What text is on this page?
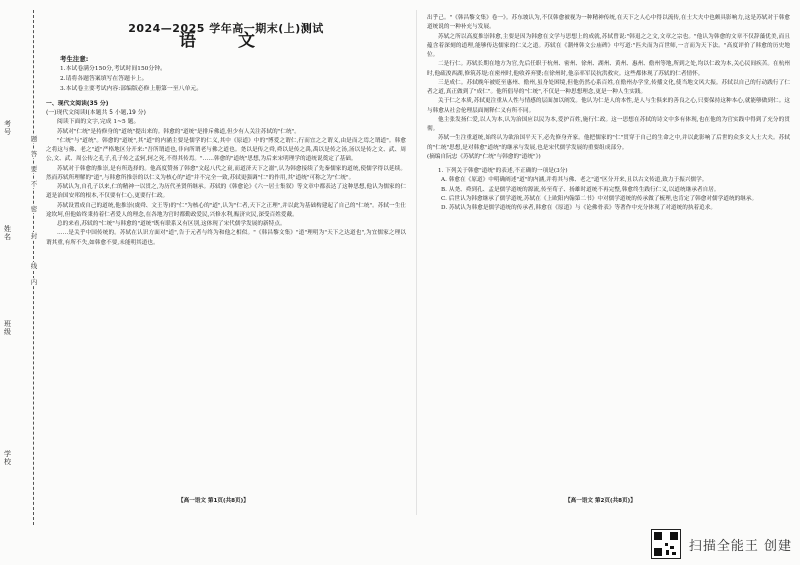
考号
姓名
班级
学校
密
封
线
内
不
要
答
题
2024—2025 学年高一期末(上)测试
语 文
考生注意:
1.本试卷满分150分,考试时间150分钟。
2.请将各题答案填写在答题卡上。
3.本试卷主要考试内容:部编版必修上册第一至八单元。
一、现代文阅读(35 分)
(一)现代文阅读Ⅰ(本题共 5 小题,19 分)
阅读下面的文字,完成 1~5 题。

苏轼对"仁统"是持修身的"道统"提出来的。韩愈的"道统"是排斥佛道,但少有人关注苏轼的"仁统"。

"仁统"与"道统"。韩愈的"道统",其"道"的内涵主要是儒学的仁义,其中《原道》中的"博爱之谓仁,行而宜之之谓义,由是而之焉之谓道"。韩愈之将这与佛、老之"道"严格地区分开来:"吾所谓道也,非向所谓老与佛之道也。尧以是传之舜,舜以是传之禹,禹以是传之汤,汤以是传之文、武、周公,文、武、周公传之孔子,孔子传之孟轲,轲之死,不得其传焉。"……韩愈的"道统"思想,为后来宋明理学的道统说奠定了基础。

苏轼对于韩愈的推崇,是有所选择的。他高度赞扬了韩愈"文起八代之衰,而道济天下之溺",认为韩愈接续了先秦儒家的道统,使儒学得以延续。然而苏轼所理解的"道",与韩愈所推崇的以仁义为核心的"道"并不完全一致,苏轼更强调"仁"的作用,其"道统"可称之为"仁统"。

苏轼认为,自孔子以来,仁的精神一以贯之,为历代圣贤所继承。苏轼的《韩愈论》《六一居士集叙》等文章中都表达了这种思想,他认为儒家的仁道是治国安邦的根本,不仅要有仁心,更要行仁政。

苏轼设置成自己的道统,他推崇(虞舜、文王等)的"仁"为核心的"道",认为"仁者,天下之正理",并以此为基础构建起了自己的"仁统"。苏轼一生仕途坎坷,但他始终秉持着仁者爱人的理念,在各地为官时都勤政爱民,兴修水利,赈济灾民,深受百姓爱戴。

总的来看,苏轼的"仁统"与韩愈的"道统"既有联系又有区别,这体现了宋代儒学发展的新特点。

……是关乎中国传统的。苏轼在认识方面对"道",告于元者与终为和他之相似。"《韩昌黎文集》"道"理明为"天下之达道也",为宜儒家之理以谓其重,有所不失,如韩愈不要,未能明其道也。

【高一语文 第1页(共8页)】

出乎己。"《韩昌黎文集》卷一》。苏东坡认为,不仅韩愈被视为一种精神传统,在天下之人心中得以流传,在士大夫中也颇具影响力,这是苏轼对于韩愈道统说的一种补充与发展。

苏轼之所以高度推崇韩愈,主要是因为韩愈在文学与思想上的成就,苏轼曾说:"韩退之之文,文章之宗也。"他认为韩愈的文章不仅辞藻优美,而且蕴含着深刻的道理,能够传达儒家的仁义之道。苏轼在《潮州韩文公庙碑》中写道:"匹夫而为百世师,一言而为天下法。"高度评价了韩愈的历史地位。

二是行仁。苏轼长期在地方为官,先后任职于杭州、密州、徐州、湖州、黄州、惠州、儋州等地,所到之处,均以仁政为本,关心民间疾苦。在杭州时,他疏浚西湖,修筑苏堤;在密州时,他收养弃婴;在徐州时,他亲率军民抗洪救灾。这些都体现了苏轼的仁者情怀。

三是成仁。苏轼晚年被贬至惠州、儋州,虽身处困境,但他仍然心系百姓,在儋州办学堂,传播文化,使当地文风大振。苏轼以自己的行动践行了仁者之道,真正做到了"成仁"。他所倡导的"仁统",不仅是一种思想理念,更是一种人生实践。

关于仁之本质,苏轼更注重从人性与情感的层面加以阐发。他认为仁是人的本性,是人与生俱来的善良之心,只要保持这种本心,就能够做到仁。这与韩愈从社会伦理层面阐释仁义有所不同。

他主张发扬仁爱,以人为本,认为治国应以民为本,爱护百姓,施行仁政。这一思想在苏轼的诗文中多有体现,也在他的为官实践中得到了充分的贯彻。

苏轼一生注重道统,始终认为欲治国平天下,必先修身齐家。他把儒家的"仁"贯穿于自己的生命之中,并以此影响了后世的众多文人士大夫。苏轼的"仁统"思想,是对韩愈"道统"的继承与发展,也是宋代儒学发展的重要组成部分。

(摘编自阮忠《苏轼的"仁统"与韩愈的"道统"》)

1. 下列关于韩愈"道统"的表述,不正确的一项是(3分)

A. 韩愈在《原道》中明确阐述"道"的内涵,并将其与佛、老之"道"区分开来,且以古文传道,致力于振兴儒学。

B. 从尧、舜到孔、孟是儒学道统的源流,传至荀子、扬雄时道统不再完整,韩愈终生践行仁义,以道统继承者自居。

C. 后世认为韩愈继承了儒学道统,苏轼在《上欧阳内翰第二书》中对儒学道统的传承做了梳理,也肯定了韩愈对儒学道统的继承。

D. 苏轼认为韩愈是儒学道统的传承者,韩愈在《原道》与《论佛骨表》等著作中充分体现了对道统的执着追求。

【高一语文 第2页(共8页)】
扫描全能王 创建
